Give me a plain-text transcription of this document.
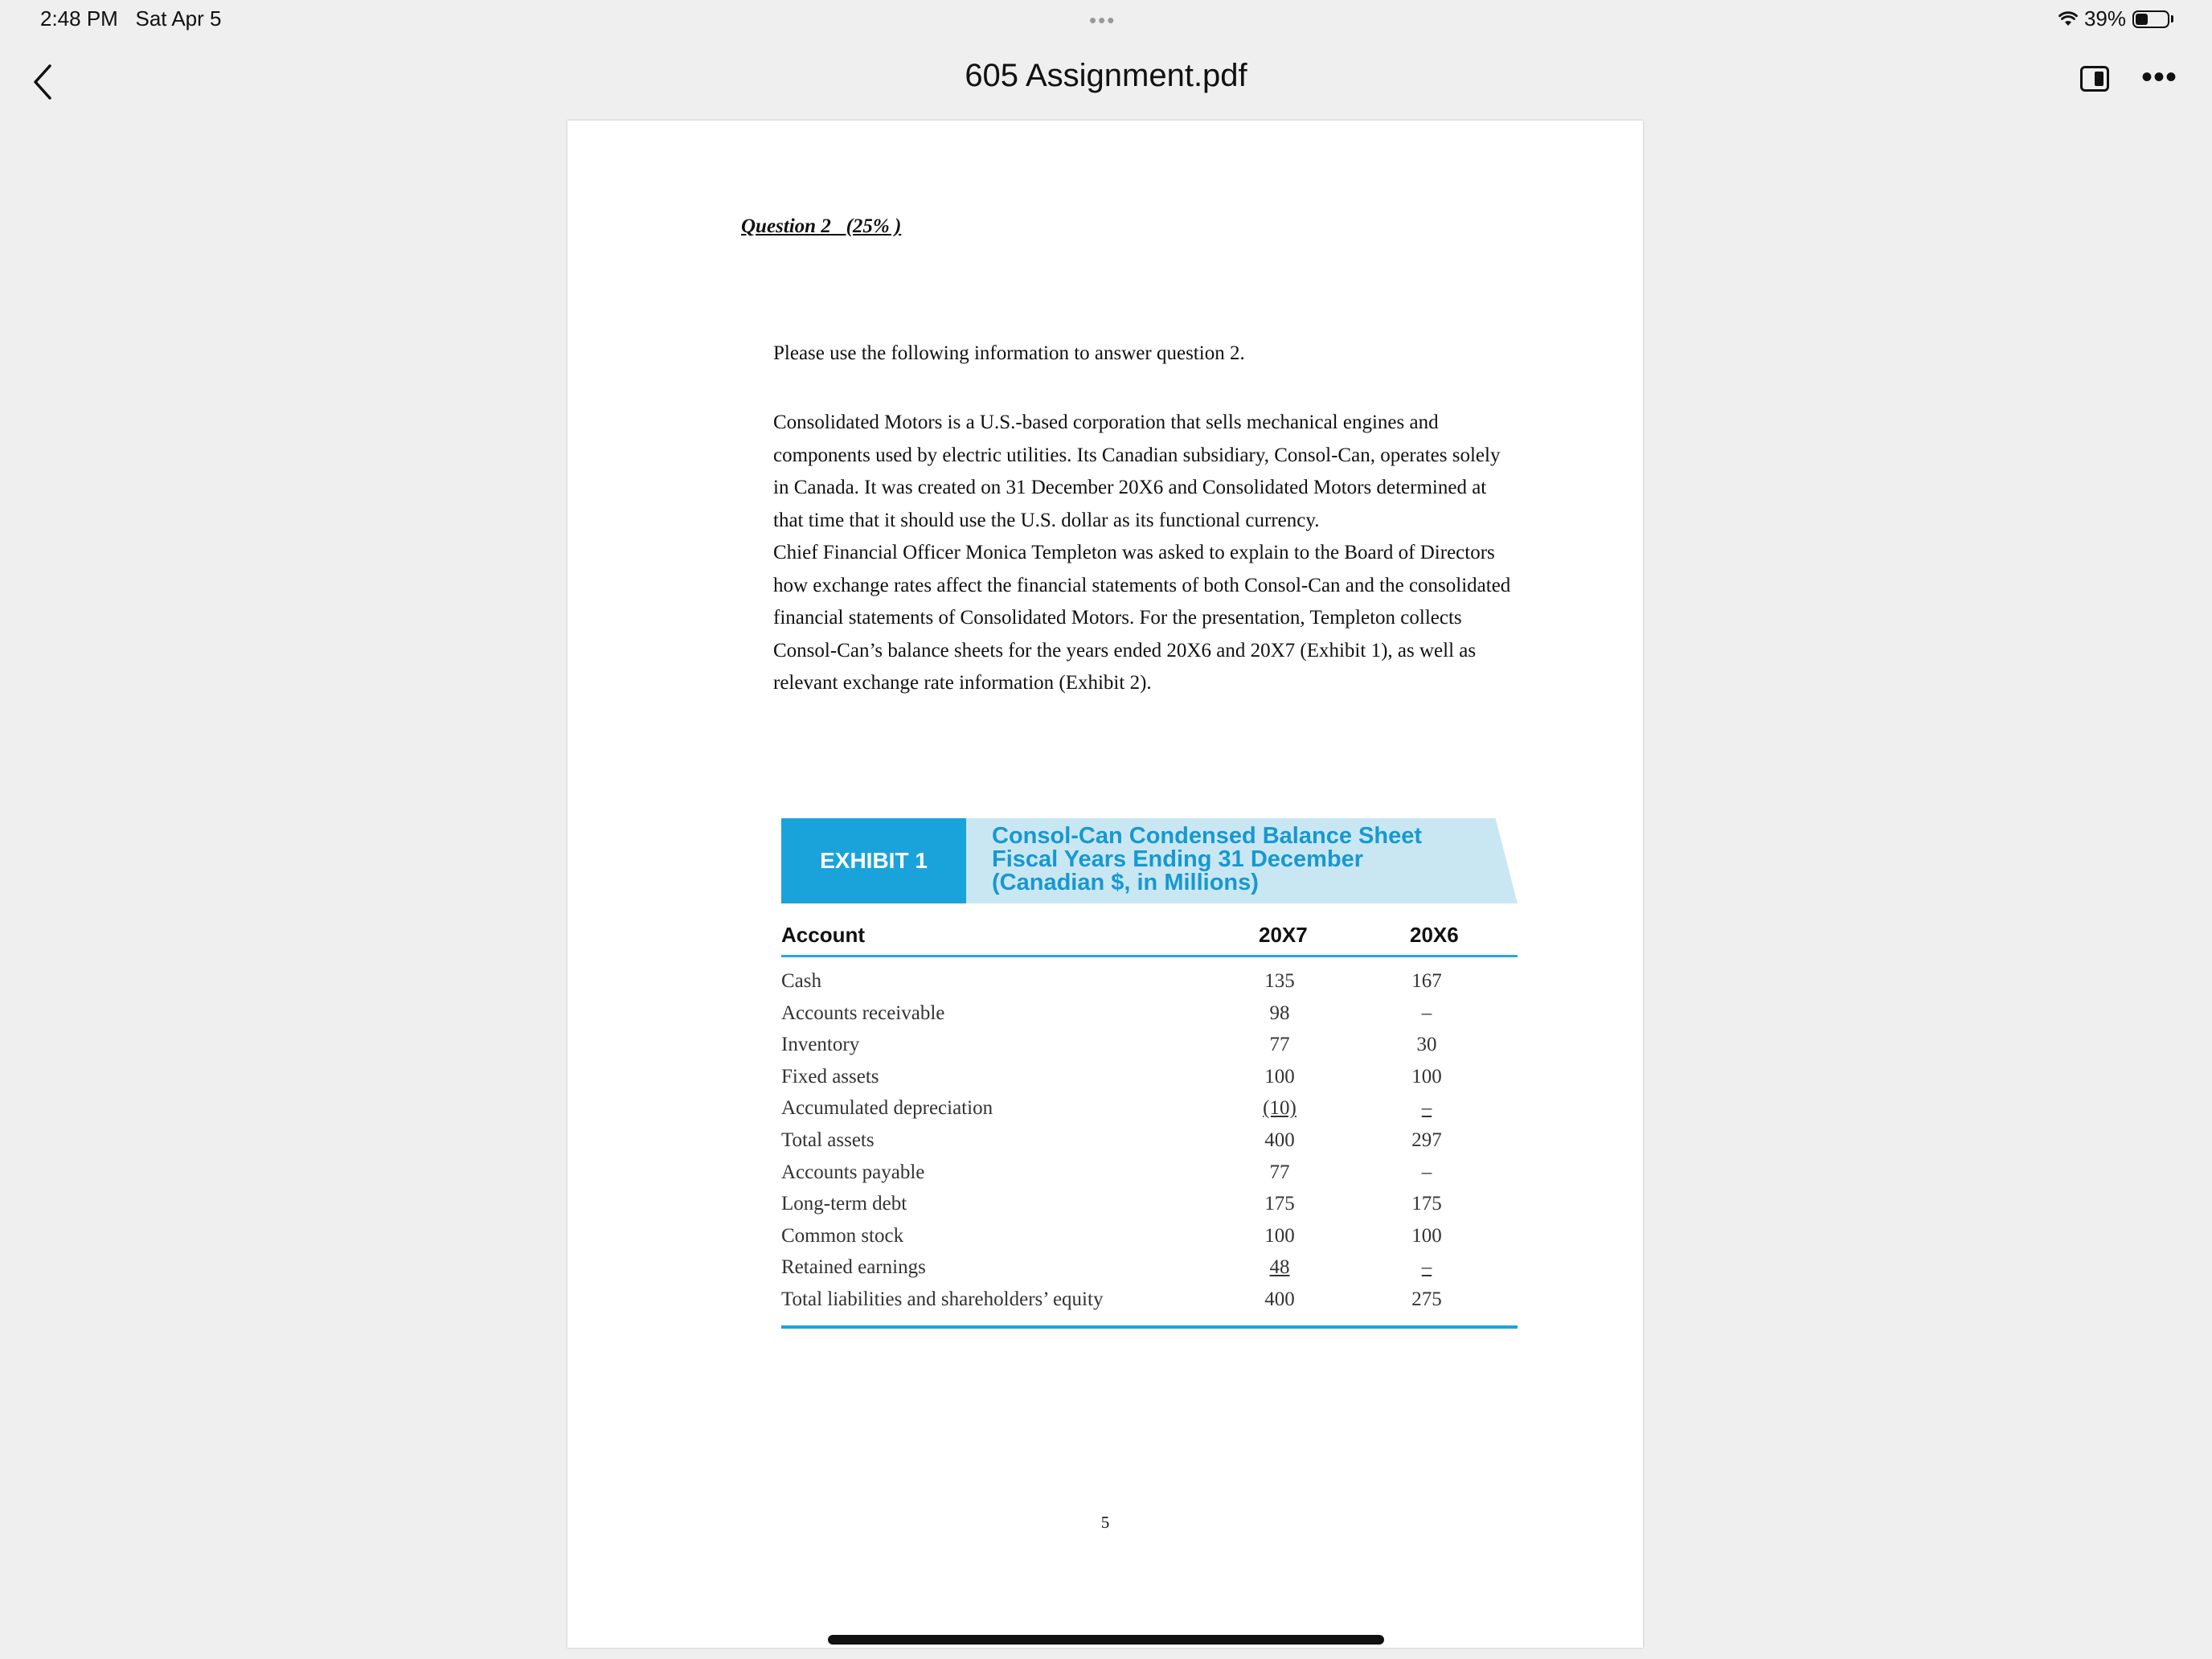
2:48 PM Sat Apr 5	•••	39%
605 Assignment.pdf	•••
Question 2   (25% )
Please use the following information to answer question 2.

Consolidated Motors is a U.S.-based corporation that sells mechanical engines and components used by electric utilities. Its Canadian subsidiary, Consol-Can, operates solely in Canada. It was created on 31 December 20X6 and Consolidated Motors determined at that time that it should use the U.S. dollar as its functional currency.

Chief Financial Officer Monica Templeton was asked to explain to the Board of Directors how exchange rates affect the financial statements of both Consol-Can and the consolidated financial statements of Consolidated Motors. For the presentation, Templeton collects Consol-Can’s balance sheets for the years ended 20X6 and 20X7 (Exhibit 1), as well as relevant exchange rate information (Exhibit 2).

EXHIBIT 1
Consol-Can Condensed Balance Sheet
Fiscal Years Ending 31 December
(Canadian $, in Millions)
Account	20X7	20X6
Cash	135	167
Accounts receivable	98	–
Inventory	77	30
Fixed assets	100	100
Accumulated depreciation	(10)	–
Total assets	400	297
Accounts payable	77	–
Long-term debt	175	175
Common stock	100	100
Retained earnings	48	–
Total liabilities and shareholders’ equity	400	275
5
